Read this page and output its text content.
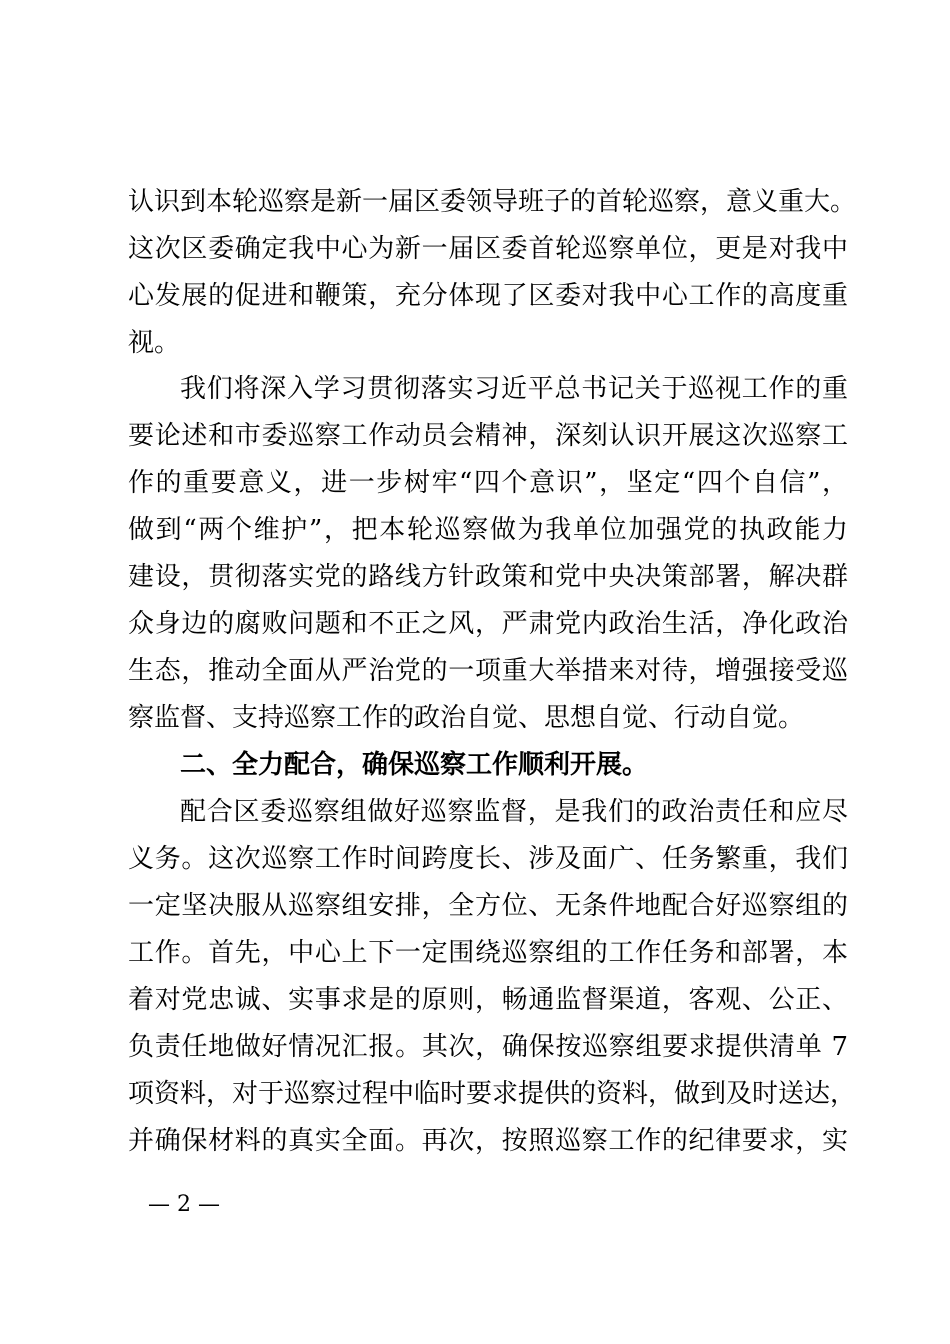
认识到本轮巡察是新一届区委领导班子的首轮巡察，意义重大。
这次区委确定我中心为新一届区委首轮巡察单位，更是对我中
心发展的促进和鞭策，充分体现了区委对我中心工作的高度重
视。
我们将深入学习贯彻落实习近平总书记关于巡视工作的重
要论述和市委巡察工作动员会精神，深刻认识开展这次巡察工
作的重要意义，进一步树牢“四个意识”，坚定“四个自信”，
做到“两个维护”，把本轮巡察做为我单位加强党的执政能力
建设，贯彻落实党的路线方针政策和党中央决策部署，解决群
众身边的腐败问题和不正之风，严肃党内政治生活，净化政治
生态，推动全面从严治党的一项重大举措来对待，增强接受巡
察监督、支持巡察工作的政治自觉、思想自觉、行动自觉。
二、全力配合，确保巡察工作顺利开展。
配合区委巡察组做好巡察监督，是我们的政治责任和应尽
义务。这次巡察工作时间跨度长、涉及面广、任务繁重，我们
一定坚决服从巡察组安排，全方位、无条件地配合好巡察组的
工作。首先，中心上下一定围绕巡察组的工作任务和部署，本
着对党忠诚、实事求是的原则，畅通监督渠道，客观、公正、
负责任地做好情况汇报。其次，确保按巡察组要求提供清单 7
项资料，对于巡察过程中临时要求提供的资料，做到及时送达，
并确保材料的真实全面。再次，按照巡察工作的纪律要求，实
— 2 —
